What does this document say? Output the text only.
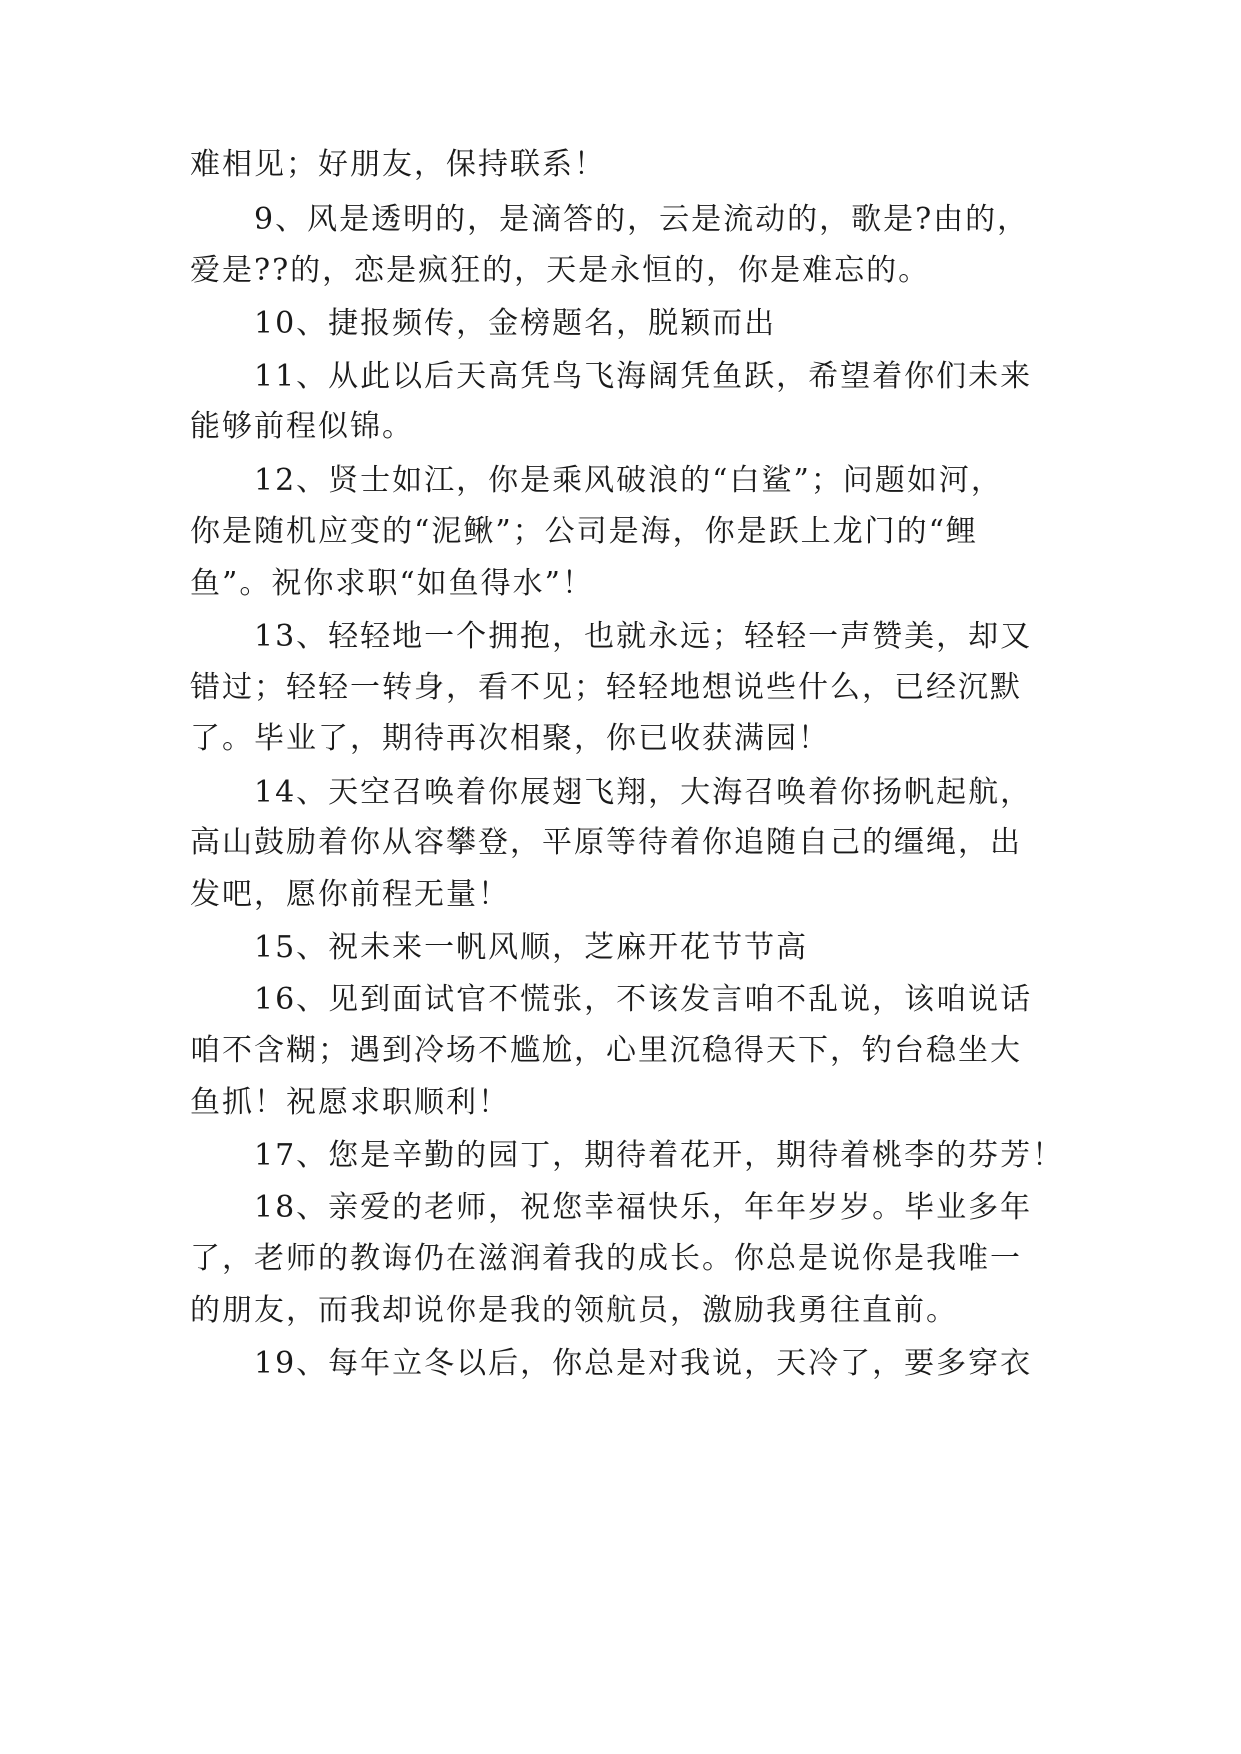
难相见；好朋友，保持联系！
9、风是透明的，是滴答的，云是流动的，歌是?由的，
爱是??的，恋是疯狂的，天是永恒的，你是难忘的。
10、捷报频传，金榜题名，脱颖而出
11、从此以后天高凭鸟飞海阔凭鱼跃，希望着你们未来
能够前程似锦。
12、贤士如江，你是乘风破浪的“白鲨”；问题如河，
你是随机应变的“泥鳅”；公司是海，你是跃上龙门的“鲤
鱼”。祝你求职“如鱼得水”！
13、轻轻地一个拥抱，也就永远；轻轻一声赞美，却又
错过；轻轻一转身，看不见；轻轻地想说些什么，已经沉默
了。毕业了，期待再次相聚，你已收获满园！
14、天空召唤着你展翅飞翔，大海召唤着你扬帆起航，
高山鼓励着你从容攀登，平原等待着你追随自己的缰绳，出
发吧，愿你前程无量！
15、祝未来一帆风顺，芝麻开花节节高
16、见到面试官不慌张，不该发言咱不乱说，该咱说话
咱不含糊；遇到冷场不尴尬，心里沉稳得天下，钓台稳坐大
鱼抓！祝愿求职顺利！
17、您是辛勤的园丁，期待着花开，期待着桃李的芬芳！
18、亲爱的老师，祝您幸福快乐，年年岁岁。毕业多年
了，老师的教诲仍在滋润着我的成长。你总是说你是我唯一
的朋友，而我却说你是我的领航员，激励我勇往直前。
19、每年立冬以后，你总是对我说，天冷了，要多穿衣
